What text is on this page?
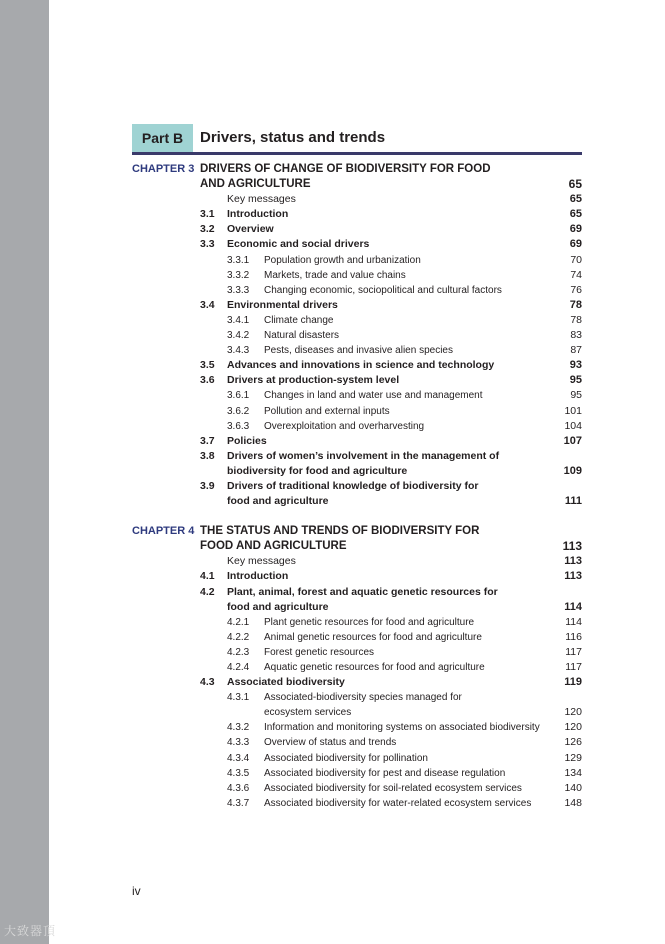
Part B	Drivers, status and trends
CHAPTER 3 DRIVERS OF CHANGE OF BIODIVERSITY FOR FOOD
AND AGRICULTURE	65
Key messages	65
3.1 Introduction	65
3.2 Overview	69
3.3 Economic and social drivers	69
3.3.1 Population growth and urbanization	70
3.3.2 Markets, trade and value chains	74
3.3.3 Changing economic, sociopolitical and cultural factors	76
3.4 Environmental drivers	78
3.4.1 Climate change	78
3.4.2 Natural disasters	83
3.4.3 Pests, diseases and invasive alien species	87
3.5 Advances and innovations in science and technology	93
3.6 Drivers at production-system level	95
3.6.1 Changes in land and water use and management	95
3.6.2 Pollution and external inputs	101
3.6.3 Overexploitation and overharvesting	104
3.7 Policies	107
3.8 Drivers of women’s involvement in the management of
biodiversity for food and agriculture	109
3.9 Drivers of traditional knowledge of biodiversity for
food and agriculture	111
CHAPTER 4 THE STATUS AND TRENDS OF BIODIVERSITY FOR
FOOD AND AGRICULTURE	113
Key messages	113
4.1 Introduction	113
4.2 Plant, animal, forest and aquatic genetic resources for
food and agriculture	114
4.2.1 Plant genetic resources for food and agriculture	114
4.2.2 Animal genetic resources for food and agriculture	116
4.2.3 Forest genetic resources	117
4.2.4 Aquatic genetic resources for food and agriculture	117
4.3 Associated biodiversity	119
4.3.1 Associated-biodiversity species managed for
ecosystem services	120
4.3.2 Information and monitoring systems on associated biodiversity 120
4.3.3 Overview of status and trends	126
4.3.4 Associated biodiversity for pollination	129
4.3.5 Associated biodiversity for pest and disease regulation	134
4.3.6 Associated biodiversity for soil-related ecosystem services	140
4.3.7 Associated biodiversity for water-related ecosystem services	148
iv
大致器頂
